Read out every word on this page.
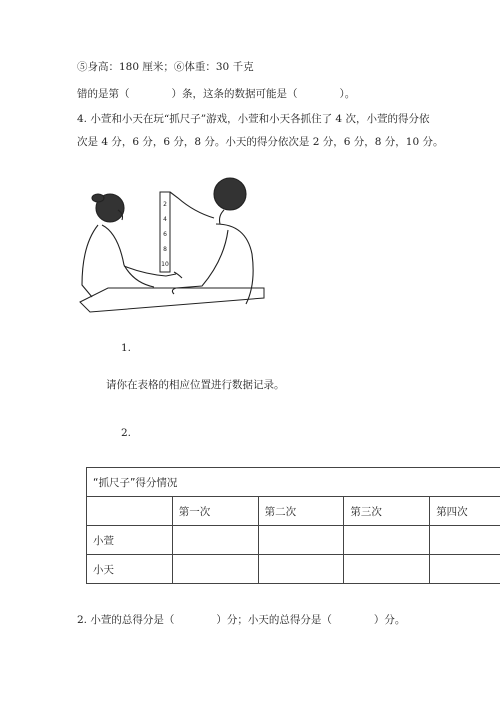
⑤身高：180 厘米；⑥体重：30 千克
错的是第（　　　　）条，这条的数据可能是（　　　　）。
4. 小萱和小天在玩“抓尺子”游戏，小萱和小天各抓住了 4 次，小萱的得分依
次是 4 分，6 分，6 分，8 分。小天的得分依次是 2 分，6 分，8 分，10 分。
2
4
6
8
10
1.
请你在表格的相应位置进行数据记录。
2.
“抓尺子”得分情况				
	第一次	第二次	第三次	第四次
小萱				
小天				
2. 小萱的总得分是（　　　　）分；小天的总得分是（　　　　）分。
